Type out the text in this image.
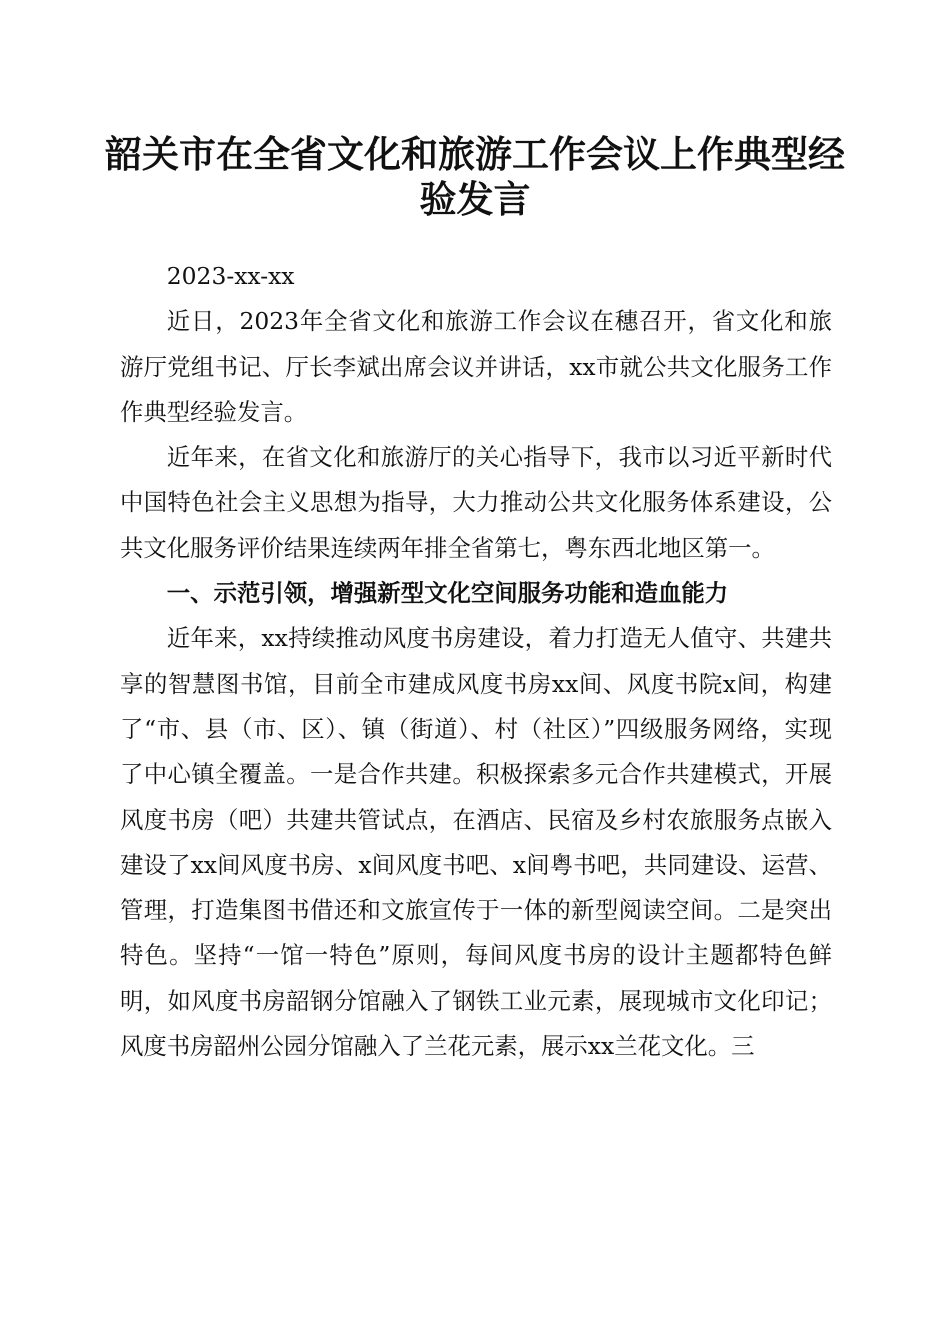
韶关市在全省文化和旅游工作会议上作典型经验发言

2023-xx-xx

近日，2023年全省文化和旅游工作会议在穗召开，省文化和旅游厅党组书记、厅长李斌出席会议并讲话，xx市就公共文化服务工作作典型经验发言。

近年来，在省文化和旅游厅的关心指导下，我市以习近平新时代中国特色社会主义思想为指导，大力推动公共文化服务体系建设，公共文化服务评价结果连续两年排全省第七，粤东西北地区第一。

一、示范引领，增强新型文化空间服务功能和造血能力

近年来，xx持续推动风度书房建设，着力打造无人值守、共建共享的智慧图书馆，目前全市建成风度书房xx间、风度书院x间，构建了“市、县（市、区）、镇（街道）、村（社区）”四级服务网络，实现了中心镇全覆盖。一是合作共建。积极探索多元合作共建模式，开展风度书房（吧）共建共管试点，在酒店、民宿及乡村农旅服务点嵌入建设了xx间风度书房、x间风度书吧、x间粤书吧，共同建设、运营、管理，打造集图书借还和文旅宣传于一体的新型阅读空间。二是突出特色。坚持“一馆一特色”原则，每间风度书房的设计主题都特色鲜明，如风度书房韶钢分馆融入了钢铁工业元素，展现城市文化印记；风度书房韶州公园分馆融入了兰花元素，展示xx兰花文化。三
